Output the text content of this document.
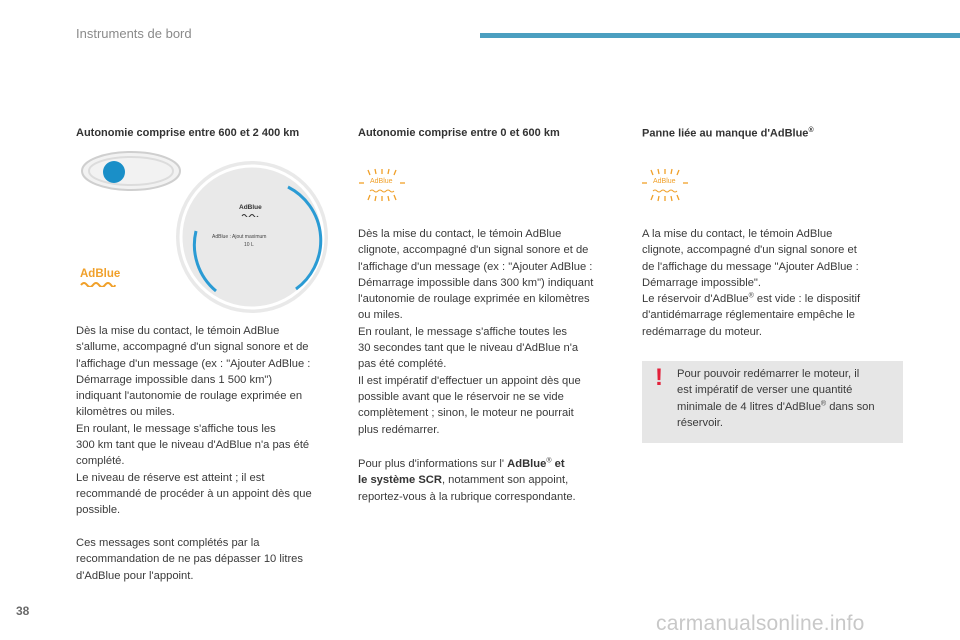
Instruments de bord
Autonomie comprise entre 600 et 2 400 km
AdBlue
AdBlue
AdBlue : Ajout maximum
10 L
Dès la mise du contact, le témoin AdBlue
s'allume, accompagné d'un signal sonore et de
l'affichage d'un message (ex : "Ajouter AdBlue :
Démarrage impossible dans 1 500 km")
indiquant l'autonomie de roulage exprimée en
kilomètres ou miles.
En roulant, le message s'affiche tous les
300 km tant que le niveau d'AdBlue n'a pas été
complété.
Le niveau de réserve est atteint ; il est
recommandé de procéder à un appoint dès que
possible.
Ces messages sont complétés par la
recommandation de ne pas dépasser 10 litres
d'AdBlue pour l'appoint.
Autonomie comprise entre 0 et 600 km
AdBlue
Dès la mise du contact, le témoin AdBlue
clignote, accompagné d'un signal sonore et de
l'affichage d'un message (ex : "Ajouter AdBlue :
Démarrage impossible dans 300 km") indiquant
l'autonomie de roulage exprimée en kilomètres
ou miles.
En roulant, le message s'affiche toutes les
30 secondes tant que le niveau d'AdBlue n'a
pas été complété.
Il est impératif d'effectuer un appoint dès que
possible avant que le réservoir ne se vide
complètement ; sinon, le moteur ne pourrait
plus redémarrer.
Pour plus d'informations sur l' AdBlue® et
le système SCR, notamment son appoint,
reportez-vous à la rubrique correspondante.
Panne liée au manque d'AdBlue®
AdBlue
A la mise du contact, le témoin AdBlue
clignote, accompagné d'un signal sonore et
de l'affichage du message "Ajouter AdBlue :
Démarrage impossible".
Le réservoir d'AdBlue® est vide : le dispositif
d'antidémarrage réglementaire empêche le
redémarrage du moteur.
! Pour pouvoir redémarrer le moteur, il
est impératif de verser une quantité
minimale de 4 litres d'AdBlue® dans son
réservoir.
38
carmanualsonline.info
